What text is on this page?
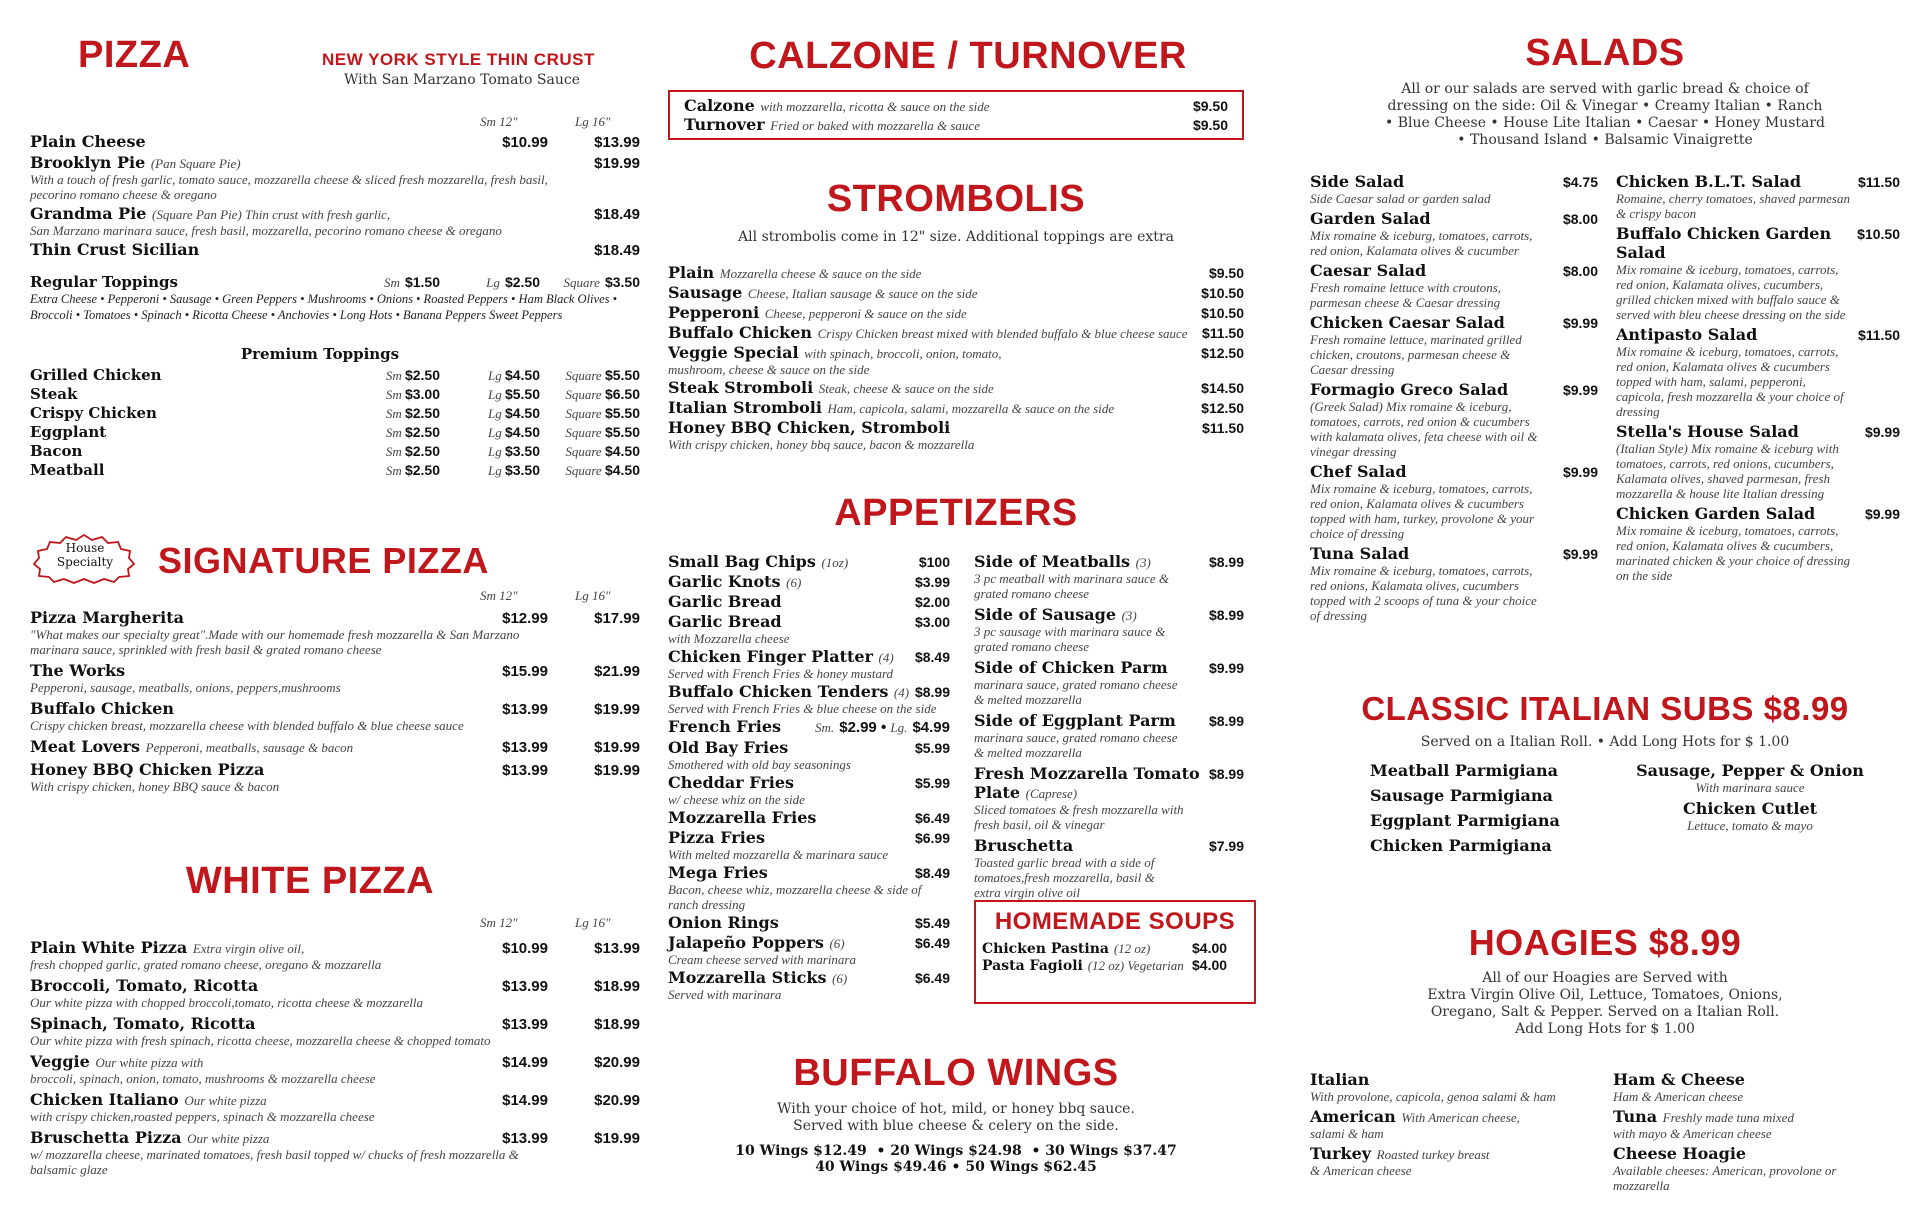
PIZZA	NEW YORK STYLE THIN CRUST
With San Marzano Tomato Sauce
Sm 12"	Lg 16"
Plain Cheese	$10.99	$13.99
Brooklyn Pie (Pan Square Pie)	$19.99
With a touch of fresh garlic, tomato sauce, mozzarella cheese & sliced fresh mozzarella, fresh basil, pecorino romano cheese & oregano
Grandma Pie (Square Pan Pie) Thin crust with fresh garlic,	$18.49
San Marzano marinara sauce, fresh basil, mozzarella, pecorino romano cheese & oregano
Thin Crust Sicilian	$18.49
Regular Toppings	Sm $1.50	Lg $2.50	Square $3.50
Extra Cheese • Pepperoni • Sausage • Green Peppers • Mushrooms • Onions • Roasted Peppers • Ham Black Olives • Broccoli • Tomatoes • Spinach • Ricotta Cheese • Anchovies • Long Hots • Banana Peppers Sweet Peppers
Premium Toppings
Grilled Chicken	Sm $2.50	Lg $4.50	Square $5.50
Steak	Sm $3.00	Lg $5.50	Square $6.50
Crispy Chicken	Sm $2.50	Lg $4.50	Square $5.50
Eggplant	Sm $2.50	Lg $4.50	Square $5.50
Bacon	Sm $2.50	Lg $3.50	Square $4.50
Meatball	Sm $2.50	Lg $3.50	Square $4.50
House Specialty SIGNATURE PIZZA
Sm 12"	Lg 16"
Pizza Margherita	$12.99	$17.99
"What makes our specialty great".Made with our homemade fresh mozzarella & San Marzano marinara sauce, sprinkled with fresh basil & grated romano cheese
The Works	$15.99	$21.99
Pepperoni, sausage, meatballs, onions, peppers,mushrooms
Buffalo Chicken	$13.99	$19.99
Crispy chicken breast, mozzarella cheese with blended buffalo & blue cheese sauce
Meat Lovers Pepperoni, meatballs, sausage & bacon	$13.99	$19.99
Honey BBQ Chicken Pizza	$13.99	$19.99
With crispy chicken, honey BBQ sauce & bacon
WHITE PIZZA
Sm 12"	Lg 16"
Plain White Pizza Extra virgin olive oil,	$10.99	$13.99
fresh chopped garlic, grated romano cheese, oregano & mozzarella
Broccoli, Tomato, Ricotta	$13.99	$18.99
Our white pizza with chopped broccoli,tomato, ricotta cheese & mozzarella
Spinach, Tomato, Ricotta	$13.99	$18.99
Our white pizza with fresh spinach, ricotta cheese, mozzarella cheese & chopped tomato
Veggie Our white pizza with	$14.99	$20.99
broccoli, spinach, onion, tomato, mushrooms & mozzarella cheese
Chicken Italiano Our white pizza	$14.99	$20.99
with crispy chicken,roasted peppers, spinach & mozzarella cheese
Bruschetta Pizza Our white pizza	$13.99	$19.99
w/ mozzarella cheese, marinated tomatoes, fresh basil topped w/ chucks of fresh mozzarella & balsamic glaze
CALZONE / TURNOVER
Calzone with mozzarella, ricotta & sauce on the side	$9.50
Turnover Fried or baked with mozzarella & sauce	$9.50
STROMBOLIS
All strombolis come in 12" size. Additional toppings are extra
Plain Mozzarella cheese & sauce on the side	$9.50
Sausage Cheese, Italian sausage & sauce on the side	$10.50
Pepperoni Cheese, pepperoni & sauce on the side	$10.50
Buffalo Chicken Crispy Chicken breast mixed with blended buffalo & blue cheese sauce	$11.50
Veggie Special with spinach, broccoli, onion, tomato,	$12.50
mushroom, cheese & sauce on the side
Steak Stromboli Steak, cheese & sauce on the side	$14.50
Italian Stromboli Ham, capicola, salami, mozzarella & sauce on the side	$12.50
Honey BBQ Chicken, Stromboli	$11.50
With crispy chicken, honey bbq sauce, bacon & mozzarella
APPETIZERS
Small Bag Chips (1oz)	$100
Garlic Knots (6)	$3.99
Garlic Bread	$2.00
Garlic Bread	$3.00
with Mozzarella cheese
Chicken Finger Platter (4)	$8.49
Served with French Fries & honey mustard
Buffalo Chicken Tenders (4) $8.99
Served with French Fries & blue cheese on the side
French Fries	Sm. $2.99 • Lg. $4.99
Old Bay Fries	$5.99
Smothered with old bay seasonings
Cheddar Fries	$5.99
w/ cheese whiz on the side
Mozzarella Fries	$6.49
Pizza Fries	$6.99
With melted mozzarella & marinara sauce
Mega Fries	$8.49
Bacon, cheese whiz, mozzarella cheese & side of ranch dressing
Onion Rings	$5.49
Jalapeño Poppers (6)	$6.49
Cream cheese served with marinara
Mozzarella Sticks (6)	$6.49
Served with marinara
Side of Meatballs (3)	$8.99
3 pc meatball with marinara sauce & grated romano cheese
Side of Sausage (3)	$8.99
3 pc sausage with marinara sauce & grated romano cheese
Side of Chicken Parm	$9.99
marinara sauce, grated romano cheese & melted mozzarella
Side of Eggplant Parm	$8.99
marinara sauce, grated romano cheese & melted mozzarella
Fresh Mozzarella Tomato Plate (Caprese)
$8.99
Sliced tomatoes & fresh mozzarella with fresh basil, oil & vinegar
Bruschetta	$7.99
Toasted garlic bread with a side of tomatoes,fresh mozzarella, basil & extra virgin olive oil
HOMEMADE SOUPS
Chicken Pastina (12 oz)	$4.00
Pasta Fagioli (12 oz) Vegetarian $4.00
BUFFALO WINGS
With your choice of hot, mild, or honey bbq sauce.
Served with blue cheese & celery on the side.
10 Wings $12.49  • 20 Wings $24.98  • 30 Wings $37.47
40 Wings $49.46 • 50 Wings $62.45
SALADS
All or our salads are served with garlic bread & choice of
dressing on the side: Oil & Vinegar • Creamy Italian • Ranch
• Blue Cheese • House Lite Italian • Caesar • Honey Mustard
• Thousand Island • Balsamic Vinaigrette
Side Salad	$4.75
Side Caesar salad or garden salad
Garden Salad	$8.00
Mix romaine & iceburg, tomatoes, carrots, red onion, Kalamata olives & cucumber
Caesar Salad	$8.00
Fresh romaine lettuce with croutons, parmesan cheese & Caesar dressing
Chicken Caesar Salad	$9.99
Fresh romaine lettuce, marinated grilled chicken, croutons, parmesan cheese & Caesar dressing
Formagio Greco Salad	$9.99
(Greek Salad) Mix romaine & iceburg, tomatoes, carrots, red onion & cucumbers with kalamata olives, feta cheese with oil & vinegar dressing
Chef Salad	$9.99
Mix romaine & iceburg, tomatoes, carrots, red onion, Kalamata olives & cucumbers topped with ham, turkey, provolone & your choice of dressing
Tuna Salad	$9.99
Mix romaine & iceburg, tomatoes, carrots, red onions, Kalamata olives, cucumbers topped with 2 scoops of tuna & your choice of dressing
Chicken B.L.T. Salad	$11.50
Romaine, cherry tomatoes, shaved parmesan & crispy bacon
Buffalo Chicken Garden Salad
$10.50
Mix romaine & iceburg, tomatoes, carrots, red onion, Kalamata olives, cucumbers, grilled chicken mixed with buffalo sauce & served with bleu cheese dressing on the side
Antipasto Salad	$11.50
Mix romaine & iceburg, tomatoes, carrots, red onion, Kalamata olives & cucumbers topped with ham, salami, pepperoni, capicola, fresh mozzarella & your choice of dressing
Stella's House Salad	$9.99
(Italian Style) Mix romaine & iceburg with tomatoes, carrots, red onions, cucumbers, Kalamata olives, shaved parmesan, fresh mozzarella & house lite Italian dressing
Chicken Garden Salad	$9.99
Mix romaine & iceburg, tomatoes, carrots, red onion, Kalamata olives & cucumbers, marinated chicken & your choice of dressing on the side
CLASSIC ITALIAN SUBS $8.99
Served on a Italian Roll. • Add Long Hots for $ 1.00
Meatball Parmigiana
Sausage Parmigiana
Eggplant Parmigiana
Chicken Parmigiana
Sausage, Pepper & Onion
With marinara sauce
Chicken Cutlet
Lettuce, tomato & mayo
HOAGIES $8.99
All of our Hoagies are Served with
Extra Virgin Olive Oil, Lettuce, Tomatoes, Onions,
Oregano, Salt & Pepper. Served on a Italian Roll.
Add Long Hots for $ 1.00
Italian
With provolone, capicola, genoa salami & ham
American With American cheese,
salami & ham
Turkey Roasted turkey breast
& American cheese
Ham & Cheese
Ham & American cheese
Tuna Freshly made tuna mixed
with mayo & American cheese
Cheese Hoagie
Available cheeses: American, provolone or mozzarella
